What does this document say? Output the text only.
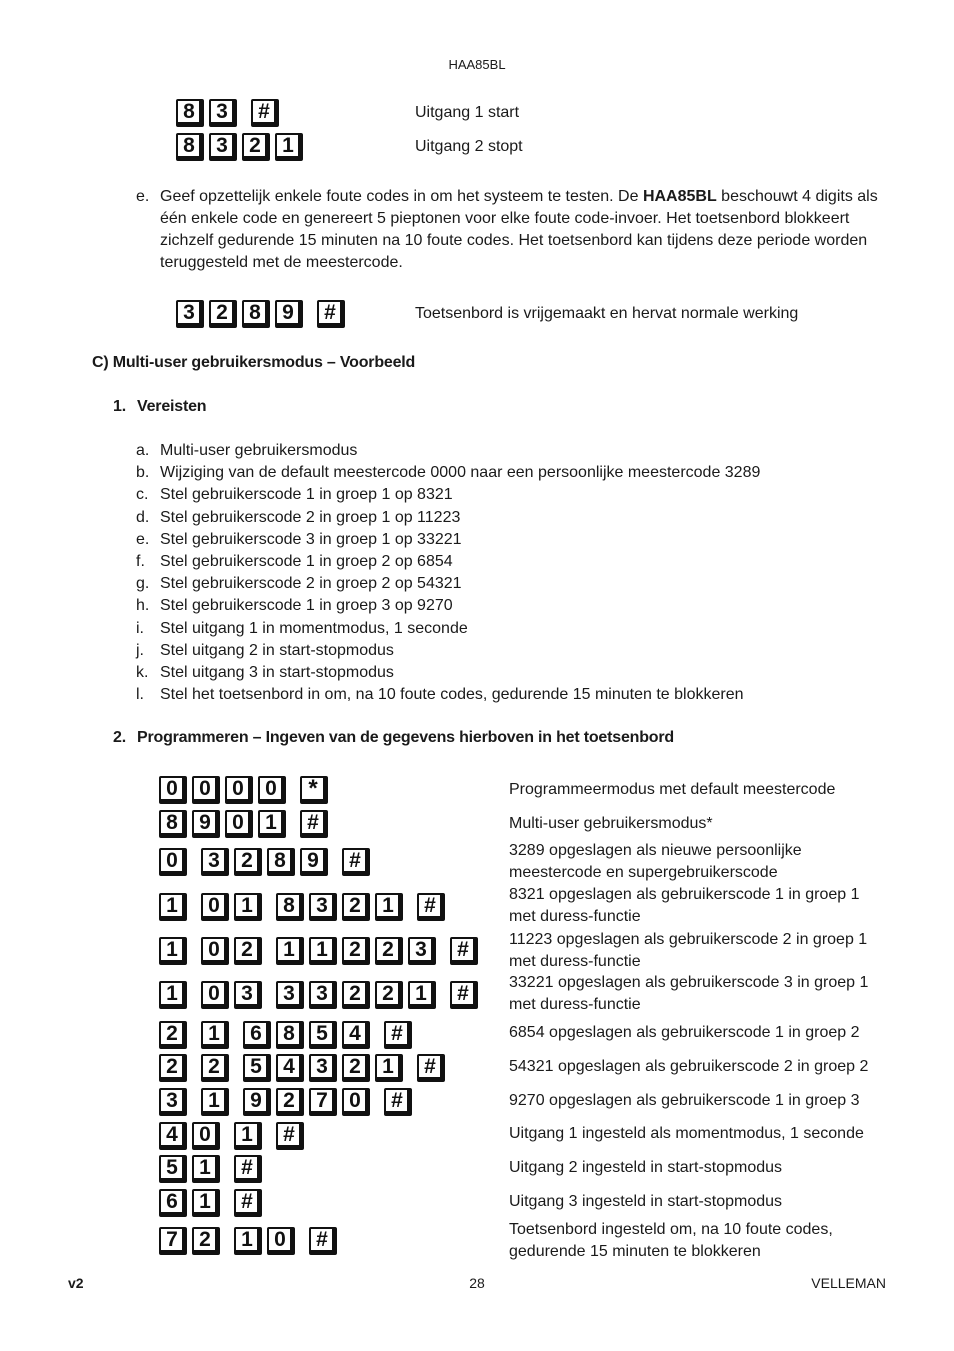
HAA85BL
8	3	#	Uitgang 1 start
8	3	2	1	Uitgang 2 stopt
e. Geef opzettelijk enkele foute codes in om het systeem te testen. De HAA85BL beschouwt 4 digits als één enkele code en genereert 5 pieptonen voor elke foute code-invoer. Het toetsenbord blokkeert zichzelf gedurende 15 minuten na 10 foute codes. Het toetsenbord kan tijdens deze periode worden teruggesteld met de meestercode.
3	2	8	9	#	Toetsenbord is vrijgemaakt en hervat normale werking
C) Multi-user gebruikersmodus – Voorbeeld
1. Vereisten
a. Multi-user gebruikersmodus
b. Wijziging van de default meestercode 0000 naar een persoonlijke meestercode 3289
c. Stel gebruikerscode 1 in groep 1 op 8321
d. Stel gebruikerscode 2 in groep 1 op 11223
e. Stel gebruikerscode 3 in groep 1 op 33221
f. Stel gebruikerscode 1 in groep 2 op 6854
g. Stel gebruikerscode 2 in groep 2 op 54321
h. Stel gebruikerscode 1 in groep 3 op 9270
i. Stel uitgang 1 in momentmodus, 1 seconde
j. Stel uitgang 2 in start-stopmodus
k. Stel uitgang 3 in start-stopmodus
l. Stel het toetsenbord in om, na 10 foute codes, gedurende 15 minuten te blokkeren
2. Programmeren – Ingeven van de gegevens hierboven in het toetsenbord
0	0	0	0	*	Programmeermodus met default meestercode
8	9	0	1	#	Multi-user gebruikersmodus*
0	3	2	8	9	#	3289 opgeslagen als nieuwe persoonlijke meestercode en supergebruikerscode
1	0	1	8	3	2	1	#	8321 opgeslagen als gebruikerscode 1 in groep 1 met duress-functie
1	0	2	1	1	2	2	3	#	11223 opgeslagen als gebruikerscode 2 in groep 1 met duress-functie
1	0	3	3	3	2	2	1	#	33221 opgeslagen als gebruikerscode 3 in groep 1 met duress-functie
2	1	6	8	5	4	#	6854 opgeslagen als gebruikerscode 1 in groep 2
2	2	5	4	3	2	1	#	54321 opgeslagen als gebruikerscode 2 in groep 2
3	1	9	2	7	0	#	9270 opgeslagen als gebruikerscode 1 in groep 3
4	0	1	#	Uitgang 1 ingesteld als momentmodus, 1 seconde
5	1	#	Uitgang 2 ingesteld in start-stopmodus
6	1	#	Uitgang 3 ingesteld in start-stopmodus
7	2	1	0	#	Toetsenbord ingesteld om, na 10 foute codes, gedurende 15 minuten te blokkeren
v2	28	VELLEMAN
